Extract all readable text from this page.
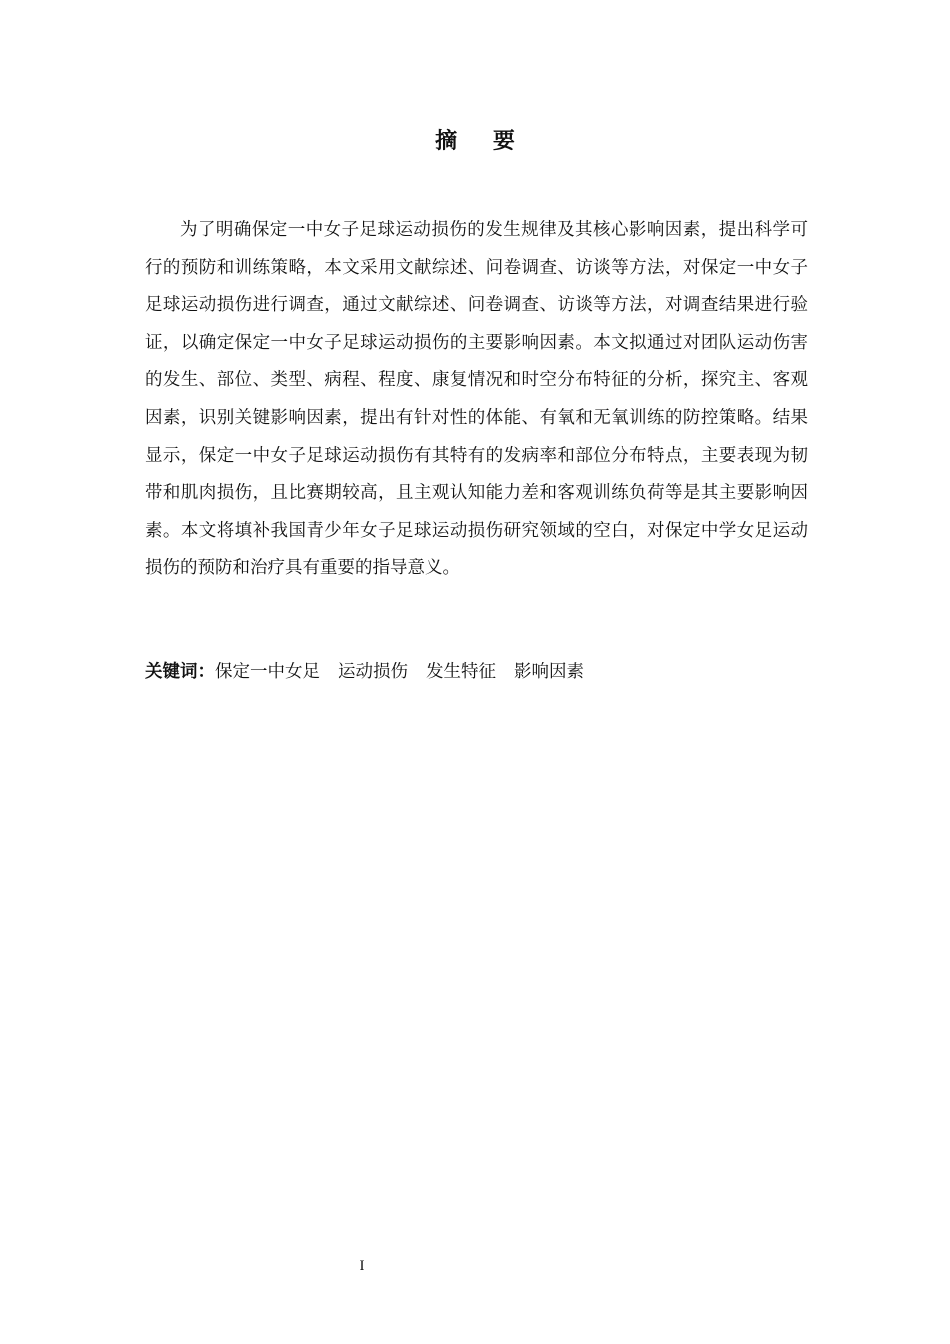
摘 要

为了明确保定一中女子足球运动损伤的发生规律及其核心影响因素，提出科学可行的预防和训练策略，本文采用文献综述、问卷调查、访谈等方法，对保定一中女子足球运动损伤进行调查，通过文献综述、问卷调查、访谈等方法，对调查结果进行验证，以确定保定一中女子足球运动损伤的主要影响因素。本文拟通过对团队运动伤害的发生、部位、类型、病程、程度、康复情况和时空分布特征的分析，探究主、客观因素，识别关键影响因素，提出有针对性的体能、有氧和无氧训练的防控策略。结果显示，保定一中女子足球运动损伤有其特有的发病率和部位分布特点，主要表现为韧带和肌肉损伤，且比赛期较高，且主观认知能力差和客观训练负荷等是其主要影响因素。本文将填补我国青少年女子足球运动损伤研究领域的空白，对保定中学女足运动损伤的预防和治疗具有重要的指导意义。

关键词：保定一中女足 运动损伤 发生特征 影响因素
I
